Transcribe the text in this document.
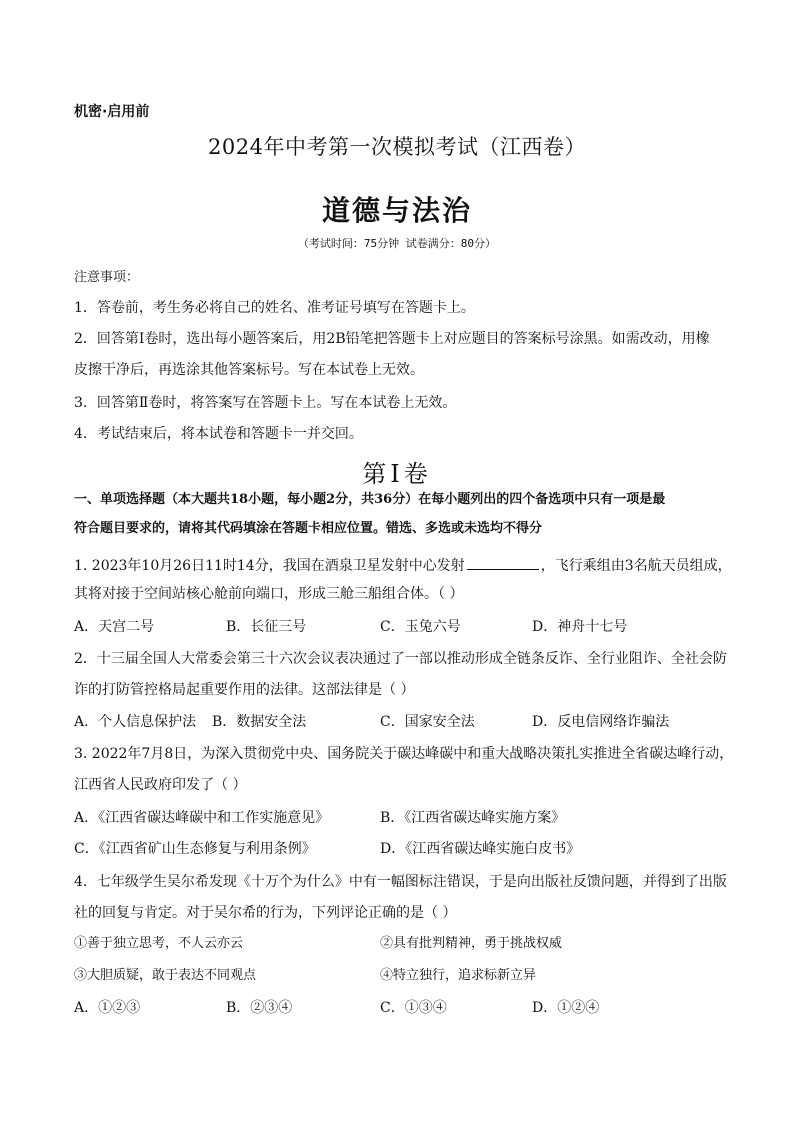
机密·启用前
2024年中考第一次模拟考试（江西卷）
道德与法治
（考试时间：75分钟 试卷满分：80分）
注意事项：
1．答卷前，考生务必将自己的姓名、准考证号填写在答题卡上。
2．回答第Ⅰ卷时，选出每小题答案后，用2B铅笔把答题卡上对应题目的答案标号涂黑。如需改动，用橡
皮擦干净后，再选涂其他答案标号。写在本试卷上无效。
3．回答第Ⅱ卷时，将答案写在答题卡上。写在本试卷上无效。
4．考试结束后，将本试卷和答题卡一并交回。
第Ⅰ卷
一、单项选择题（本大题共18小题，每小题2分，共36分）在每小题列出的四个备选项中只有一项是最
符合题目要求的，请将其代码填涂在答题卡相应位置。错选、多选或未选均不得分
1. 2023年10月26日11时14分，我国在酒泉卫星发射中心发射	，飞行乘组由3名航天员组成，
其将对接于空间站核心舱前向端口，形成三舱三船组合体。（ ）
A．天宫二号	B．长征三号	C．玉兔六号	D．神舟十七号
2．十三届全国人大常委会第三十六次会议表决通过了一部以推动形成全链条反诈、全行业阻诈、全社会防
诈的打防管控格局起重要作用的法律。这部法律是（ ）
A．个人信息保护法 B．数据安全法	C．国家安全法	D．反电信网络诈骗法
3. 2022年7月8日，为深入贯彻党中央、国务院关于碳达峰碳中和重大战略决策扎实推进全省碳达峰行动，
江西省人民政府印发了（ ）
A．《江西省碳达峰碳中和工作实施意见》	B．《江西省碳达峰实施方案》
C．《江西省矿山生态修复与利用条例》	D．《江西省碳达峰实施白皮书》
4．七年级学生吴尔希发现《十万个为什么》中有一幅图标注错误，于是向出版社反馈问题，并得到了出版
社的回复与肯定。对于吴尔希的行为，下列评论正确的是（ ）
①善于独立思考，不人云亦云	②具有批判精神，勇于挑战权威
③大胆质疑，敢于表达不同观点	④特立独行，追求标新立异
A．①②③	B．②③④	C．①③④	D．①②④
